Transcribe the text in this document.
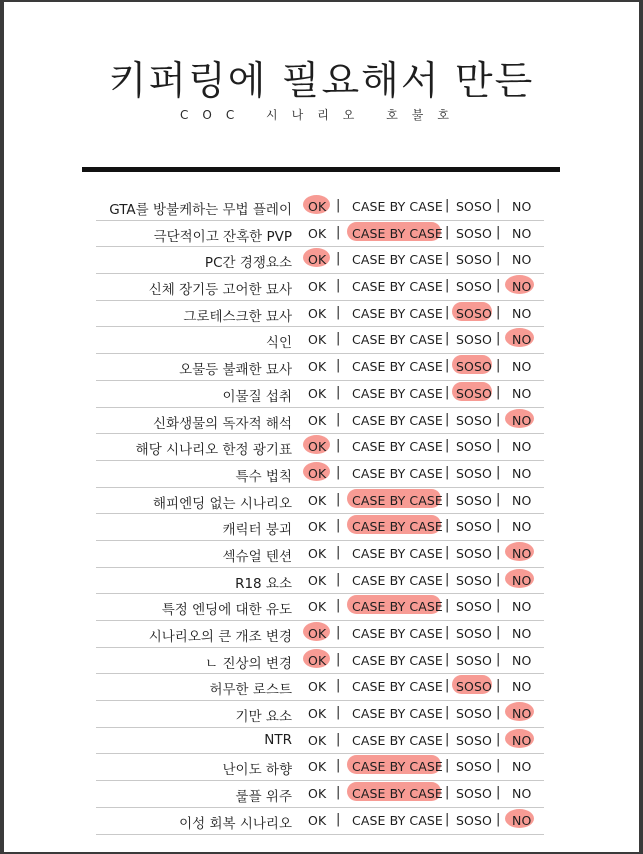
키퍼링에 필요해서 만든
COC 시나리오 호불호
GTA를 방불케하는 무법 플레이 OK | CASE BY CASE | SOSO | NO
극단적이고 잔혹한 PVP OK | CASE BY CASE | SOSO | NO
PC간 경쟁요소 OK | CASE BY CASE | SOSO | NO
신체 장기등 고어한 묘사 OK | CASE BY CASE | SOSO | NO
그로테스크한 묘사 OK | CASE BY CASE | SOSO | NO
식인 OK | CASE BY CASE | SOSO | NO
오물등 불쾌한 묘사 OK | CASE BY CASE | SOSO | NO
이물질 섭취 OK | CASE BY CASE | SOSO | NO
신화생물의 독자적 해석 OK | CASE BY CASE | SOSO | NO
해당 시나리오 한정 광기표 OK | CASE BY CASE | SOSO | NO
특수 법칙 OK | CASE BY CASE | SOSO | NO
해피엔딩 없는 시나리오 OK | CASE BY CASE | SOSO | NO
캐릭터 붕괴 OK | CASE BY CASE | SOSO | NO
섹슈얼 텐션 OK | CASE BY CASE | SOSO | NO
R18 요소 OK | CASE BY CASE | SOSO | NO
특정 엔딩에 대한 유도 OK | CASE BY CASE | SOSO | NO
시나리오의 큰 개조 변경 OK | CASE BY CASE | SOSO | NO
ㄴ 진상의 변경 OK | CASE BY CASE | SOSO | NO
허무한 로스트 OK | CASE BY CASE | SOSO | NO
기만 요소 OK | CASE BY CASE | SOSO | NO
NTR OK | CASE BY CASE | SOSO | NO
난이도 하향 OK | CASE BY CASE | SOSO | NO
룰플 위주 OK | CASE BY CASE | SOSO | NO
이성 회복 시나리오 OK | CASE BY CASE | SOSO | NO
